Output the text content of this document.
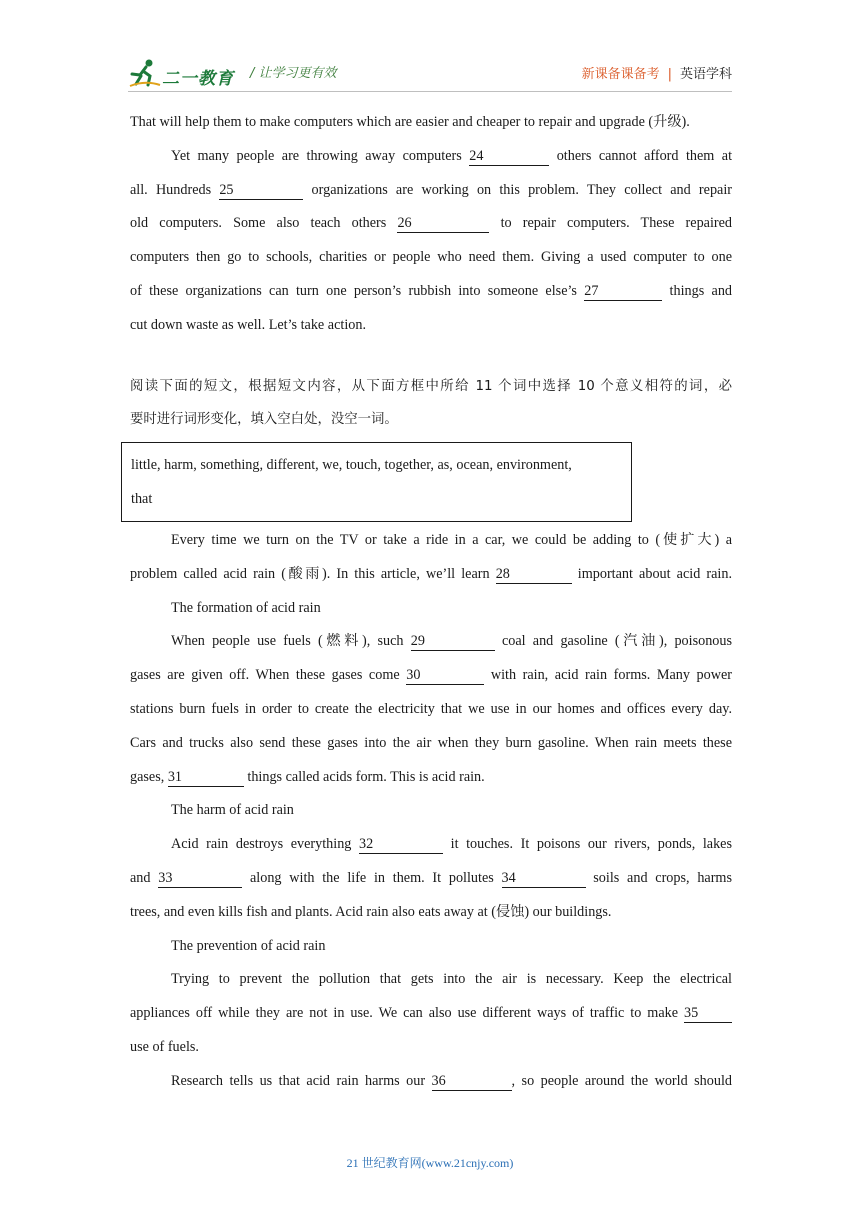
二一教育 / 让学习更有效	新课备课备考 | 英语学科
That will help them to make computers which are easier and cheaper to repair and upgrade (升级).
Yet many people are throwing away computers 24	others cannot afford them at
all. Hundreds 25	organizations are working on this problem. They collect and repair
old computers. Some also teach others 26	to repair computers. These repaired
computers then go to schools, charities or people who need them. Giving a used computer to one
of these organizations can turn one person’s rubbish into someone else’s 27	things and
cut down waste as well. Let’s take action.
阅读下面的短文，根据短文内容，从下面方框中所给 11 个词中选择 10 个意义相符的词，必
要时进行词形变化，填入空白处，没空一词。
little, harm, something, different, we, touch, together, as, ocean, environment,
that
Every time we turn on the TV or take a ride in a car, we could be adding to (使扩大) a
problem called acid rain (酸雨). In this article, we’ll learn 28	important about acid rain.
The formation of acid rain
When people use fuels (燃料), such 29	coal and gasoline (汽油), poisonous
gases are given off. When these gases come 30	with rain, acid rain forms. Many power
stations burn fuels in order to create the electricity that we use in our homes and offices every day.
Cars and trucks also send these gases into the air when they burn gasoline. When rain meets these
gases, 31	things called acids form. This is acid rain.
The harm of acid rain
Acid rain destroys everything 32	it touches. It poisons our rivers, ponds, lakes
and 33	along with the life in them. It pollutes 34	soils and crops, harms
trees, and even kills fish and plants. Acid rain also eats away at (侵蚀) our buildings.
The prevention of acid rain
Trying to prevent the pollution that gets into the air is necessary. Keep the electrical
appliances off while they are not in use. We can also use different ways of traffic to make 35
use of fuels.
Research tells us that acid rain harms our 36	, so people around the world should
21 世纪教育网(www.21cnjy.com)
